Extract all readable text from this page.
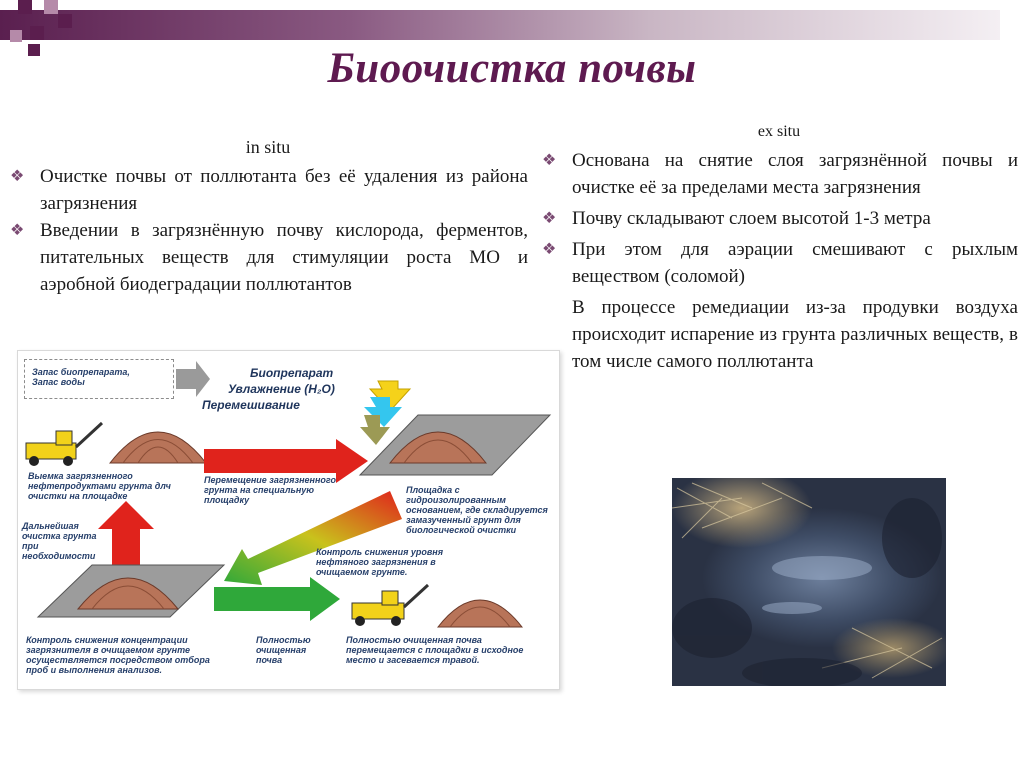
Биоочистка почвы
in situ
❖ Очистке почвы от поллютанта без её удаления из района загрязнения
❖ Введении в загрязнённую почву кислорода, ферментов, питательных веществ для стимуляции роста МО и аэробной биодеградации поллютантов
ex situ
❖ Основана на снятие слоя загрязнённой почвы и очистке её за пределами места загрязнения
❖ Почву складывают слоем высотой 1-3 метра
❖ При этом для аэрации смешивают с рыхлым веществом (соломой)
В процессе ремедиации из-за продувки воздуха происходит испарение из грунта различных веществ, в том числе самого поллютанта
Запас биопрепарата,
Запас воды
Биопрепарат
Увлажнение (H₂O)
Перемешивание
Выемка загрязненного нефтепродуктами грунта длч очистки на площадке
Перемещение загрязненного грунта на специальную площадку
Площадка с гидроизолированным основанием, где складируется замазученный грунт для биологической очистки
Дальнейшая очистка грунта при необходимости	Контроль снижения уровня нефтяного загрязнения в очищаемом грунте.
Контроль снижения концентрации загрязнителя в очищаемом грунте осуществляется посредством отбора проб и выполнения анализов.
Полностью очищенная почва
Полностью очищенная почва перемещается с площадки в исходное место и засевается травой.
